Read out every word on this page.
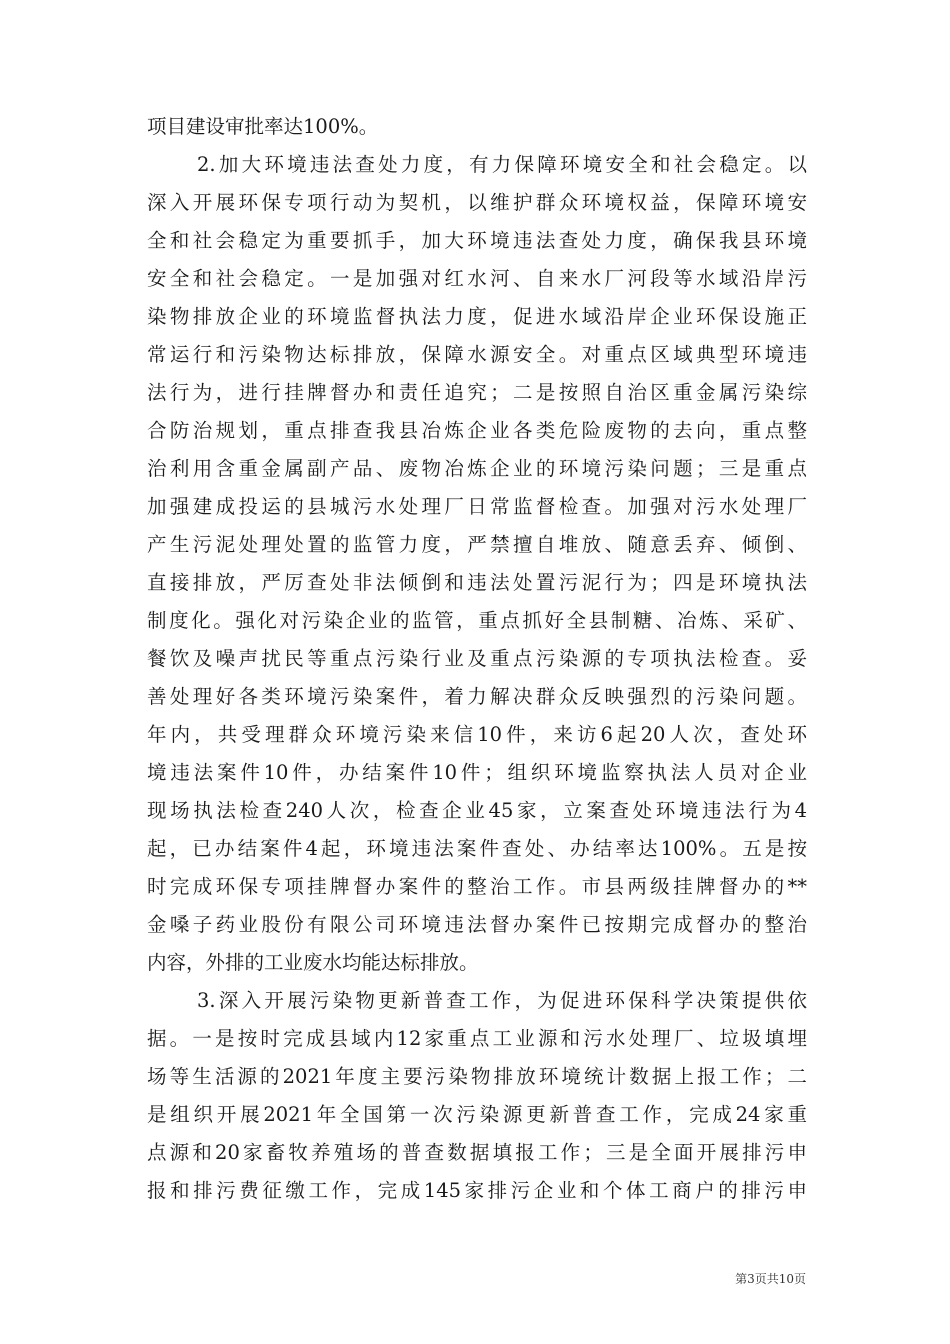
项目建设审批率达100%。
2.加大环境违法查处力度，有力保障环境安全和社会稳定。以
深入开展环保专项行动为契机，以维护群众环境权益，保障环境安
全和社会稳定为重要抓手，加大环境违法查处力度，确保我县环境
安全和社会稳定。一是加强对红水河、自来水厂河段等水域沿岸污
染物排放企业的环境监督执法力度，促进水域沿岸企业环保设施正
常运行和污染物达标排放，保障水源安全。对重点区域典型环境违
法行为，进行挂牌督办和责任追究；二是按照自治区重金属污染综
合防治规划，重点排查我县冶炼企业各类危险废物的去向，重点整
治利用含重金属副产品、废物冶炼企业的环境污染问题；三是重点
加强建成投运的县城污水处理厂日常监督检查。加强对污水处理厂
产生污泥处理处置的监管力度，严禁擅自堆放、随意丢弃、倾倒、
直接排放，严厉查处非法倾倒和违法处置污泥行为；四是环境执法
制度化。强化对污染企业的监管，重点抓好全县制糖、冶炼、采矿、
餐饮及噪声扰民等重点污染行业及重点污染源的专项执法检查。妥
善处理好各类环境污染案件，着力解决群众反映强烈的污染问题。
年内，共受理群众环境污染来信10件，来访6起20人次，查处环
境违法案件10件，办结案件10件；组织环境监察执法人员对企业
现场执法检查240人次，检查企业45家，立案查处环境违法行为4
起，已办结案件4起，环境违法案件查处、办结率达100%。五是按
时完成环保专项挂牌督办案件的整治工作。市县两级挂牌督办的**
金嗓子药业股份有限公司环境违法督办案件已按期完成督办的整治
内容，外排的工业废水均能达标排放。
3.深入开展污染物更新普查工作，为促进环保科学决策提供依
据。一是按时完成县域内12家重点工业源和污水处理厂、垃圾填埋
场等生活源的2021年度主要污染物排放环境统计数据上报工作；二
是组织开展2021年全国第一次污染源更新普查工作，完成24家重
点源和20家畜牧养殖场的普查数据填报工作；三是全面开展排污申
报和排污费征缴工作，完成145家排污企业和个体工商户的排污申
第3页共10页
